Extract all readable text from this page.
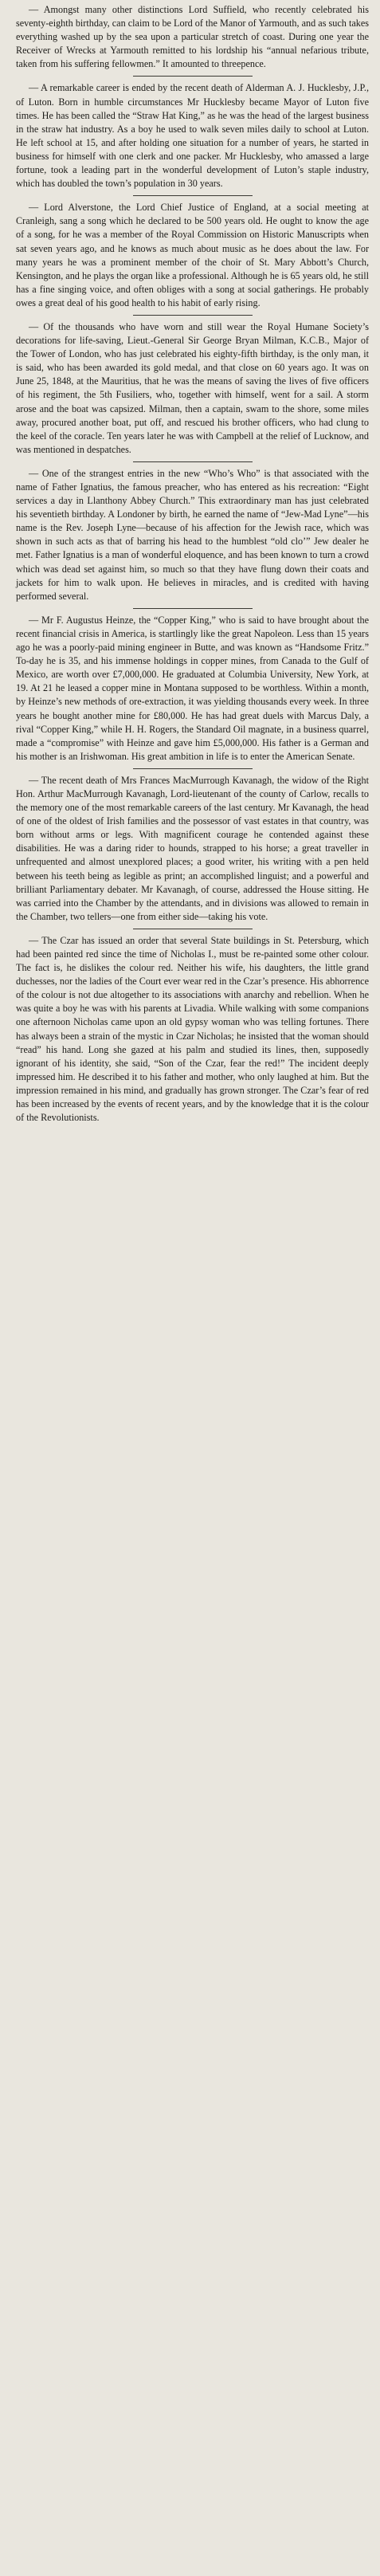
— Amongst many other distinctions Lord Suffield, who recently celebrated his seventy-eighth birthday, can claim to be Lord of the Manor of Yarmouth, and as such takes everything washed up by the sea upon a particular stretch of coast. During one year the Receiver of Wrecks at Yarmouth remitted to his lordship his “annual nefarious tribute, taken from his suffering fellowmen.” It amounted to threepence.

— A remarkable career is ended by the recent death of Alderman A. J. Hucklesby, J.P., of Luton. Born in humble circumstances Mr Hucklesby became Mayor of Luton five times. He has been called the “Straw Hat King,” as he was the head of the largest business in the straw hat industry. As a boy he used to walk seven miles daily to school at Luton. He left school at 15, and after holding one situation for a number of years, he started in business for himself with one clerk and one packer. Mr Hucklesby, who amassed a large fortune, took a leading part in the wonderful development of Luton’s staple industry, which has doubled the town’s population in 30 years.

— Lord Alverstone, the Lord Chief Justice of England, at a social meeting at Cranleigh, sang a song which he declared to be 500 years old. He ought to know the age of a song, for he was a member of the Royal Commission on Historic Manuscripts when sat seven years ago, and he knows as much about music as he does about the law. For many years he was a prominent member of the choir of St. Mary Abbott’s Church, Kensington, and he plays the organ like a professional. Although he is 65 years old, he still has a fine singing voice, and often obliges with a song at social gatherings. He probably owes a great deal of his good health to his habit of early rising.

— Of the thousands who have worn and still wear the Royal Humane Society’s decorations for life-saving, Lieut.-General Sir George Bryan Milman, K.C.B., Major of the Tower of London, who has just celebrated his eighty-fifth birthday, is the only man, it is said, who has been awarded its gold medal, and that close on 60 years ago. It was on June 25, 1848, at the Mauritius, that he was the means of saving the lives of five officers of his regiment, the 5th Fusiliers, who, together with himself, went for a sail. A storm arose and the boat was capsized. Milman, then a captain, swam to the shore, some miles away, procured another boat, put off, and rescued his brother officers, who had clung to the keel of the coracle. Ten years later he was with Campbell at the relief of Lucknow, and was mentioned in despatches.

— One of the strangest entries in the new “Who’s Who” is that associated with the name of Father Ignatius, the famous preacher, who has entered as his recreation: “Eight services a day in Llanthony Abbey Church.” This extraordinary man has just celebrated his seventieth birthday. A Londoner by birth, he earned the name of “Jew-Mad Lyne”—his name is the Rev. Joseph Lyne—because of his affection for the Jewish race, which was shown in such acts as that of barring his head to the humblest “old clo’” Jew dealer he met. Father Ignatius is a man of wonderful eloquence, and has been known to turn a crowd which was dead set against him, so much so that they have flung down their coats and jackets for him to walk upon. He believes in miracles, and is credited with having performed several.

— Mr F. Augustus Heinze, the “Copper King,” who is said to have brought about the recent financial crisis in America, is startlingly like the great Napoleon. Less than 15 years ago he was a poorly-paid mining engineer in Butte, and was known as “Handsome Fritz.” To-day he is 35, and his immense holdings in copper mines, from Canada to the Gulf of Mexico, are worth over £7,000,000. He graduated at Columbia University, New York, at 19. At 21 he leased a copper mine in Montana supposed to be worthless. Within a month, by Heinze’s new methods of ore-extraction, it was yielding thousands every week. In three years he bought another mine for £80,000. He has had great duels with Marcus Daly, a rival “Copper King,” while H. H. Rogers, the Standard Oil magnate, in a business quarrel, made a “compromise” with Heinze and gave him £5,000,000. His father is a German and his mother is an Irishwoman. His great ambition in life is to enter the American Senate.

— The recent death of Mrs Frances MacMurrough Kavanagh, the widow of the Right Hon. Arthur MacMurrough Kavanagh, Lord-lieutenant of the county of Carlow, recalls to the memory one of the most remarkable careers of the last century. Mr Kavanagh, the head of one of the oldest of Irish families and the possessor of vast estates in that country, was born without arms or legs. With magnificent courage he contended against these disabilities. He was a daring rider to hounds, strapped to his horse; a great traveller in unfrequented and almost unexplored places; a good writer, his writing with a pen held between his teeth being as legible as print; an accomplished linguist; and a powerful and brilliant Parliamentary debater. Mr Kavanagh, of course, addressed the House sitting. He was carried into the Chamber by the attendants, and in divisions was allowed to remain in the Chamber, two tellers—one from either side—taking his vote.

— The Czar has issued an order that several State buildings in St. Petersburg, which had been painted red since the time of Nicholas I., must be re-painted some other colour. The fact is, he dislikes the colour red. Neither his wife, his daughters, the little grand duchesses, nor the ladies of the Court ever wear red in the Czar’s presence. His abhorrence of the colour is not due altogether to its associations with anarchy and rebellion. When he was quite a boy he was with his parents at Livadia. While walking with some companions one afternoon Nicholas came upon an old gypsy woman who was telling fortunes. There has always been a strain of the mystic in Czar Nicholas; he insisted that the woman should “read” his hand. Long she gazed at his palm and studied its lines, then, supposedly ignorant of his identity, she said, “Son of the Czar, fear the red!” The incident deeply impressed him. He described it to his father and mother, who only laughed at him. But the impression remained in his mind, and gradually has grown stronger. The Czar’s fear of red has been increased by the events of recent years, and by the knowledge that it is the colour of the Revolutionists.
